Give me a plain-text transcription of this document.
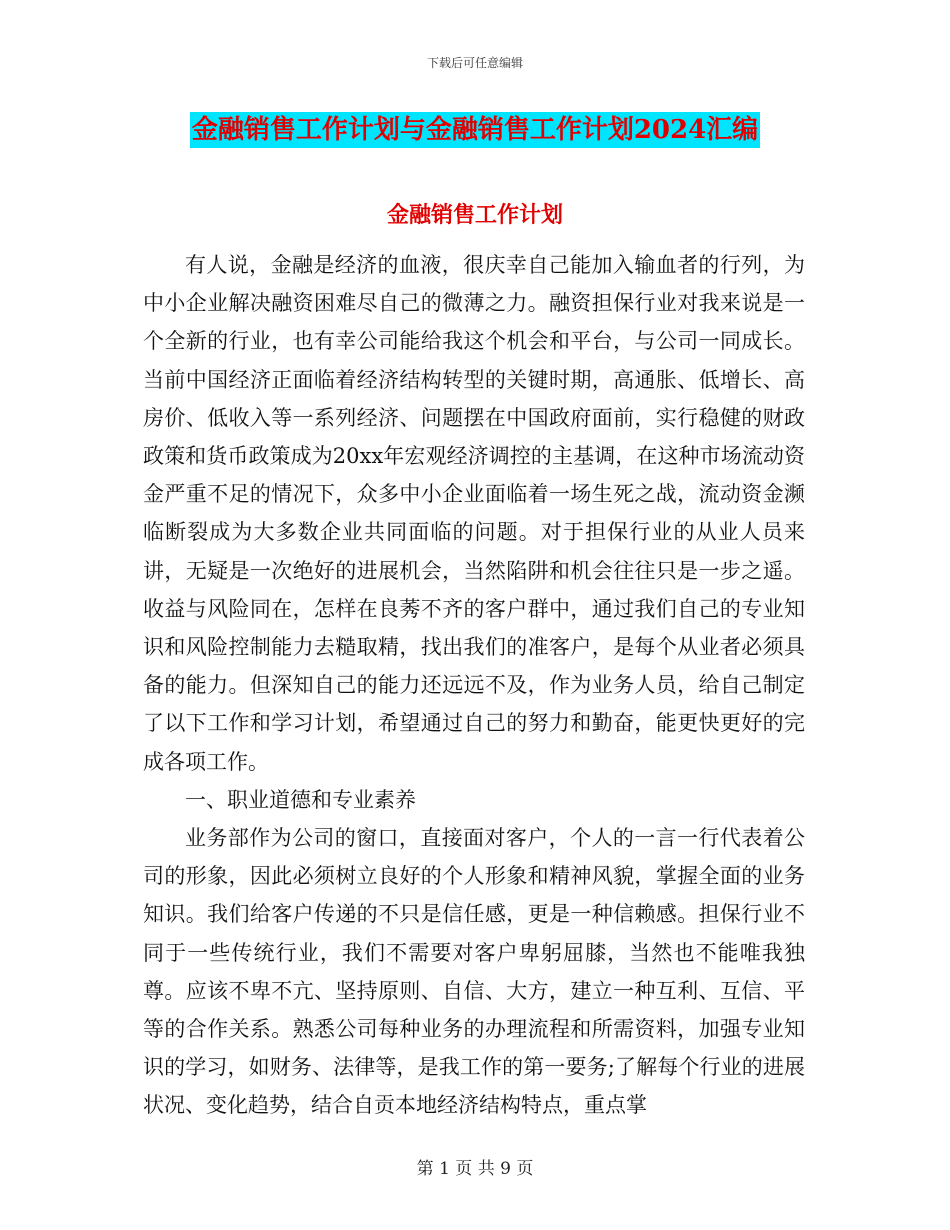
下载后可任意编辑
金融销售工作计划与金融销售工作计划2024汇编
金融销售工作计划

有人说，金融是经济的血液，很庆幸自己能加入输血者的行列，为中小企业解决融资困难尽自己的微薄之力。融资担保行业对我来说是一个全新的行业，也有幸公司能给我这个机会和平台，与公司一同成长。当前中国经济正面临着经济结构转型的关键时期，高通胀、低增长、高房价、低收入等一系列经济、问题摆在中国政府面前，实行稳健的财政政策和货币政策成为20xx年宏观经济调控的主基调，在这种市场流动资金严重不足的情况下，众多中小企业面临着一场生死之战，流动资金濒临断裂成为大多数企业共同面临的问题。对于担保行业的从业人员来讲，无疑是一次绝好的进展机会，当然陷阱和机会往往只是一步之遥。收益与风险同在，怎样在良莠不齐的客户群中，通过我们自己的专业知识和风险控制能力去糙取精，找出我们的准客户，是每个从业者必须具备的能力。但深知自己的能力还远远不及，作为业务人员，给自己制定了以下工作和学习计划，希望通过自己的努力和勤奋，能更快更好的完成各项工作。

一、职业道德和专业素养

业务部作为公司的窗口，直接面对客户，个人的一言一行代表着公司的形象，因此必须树立良好的个人形象和精神风貌，掌握全面的业务知识。我们给客户传递的不只是信任感，更是一种信赖感。担保行业不同于一些传统行业，我们不需要对客户卑躬屈膝，当然也不能唯我独尊。应该不卑不亢、坚持原则、自信、大方，建立一种互利、互信、平等的合作关系。熟悉公司每种业务的办理流程和所需资料，加强专业知识的学习，如财务、法律等，是我工作的第一要务;了解每个行业的进展状况、变化趋势，结合自贡本地经济结构特点，重点掌

第 1 页 共 9 页
